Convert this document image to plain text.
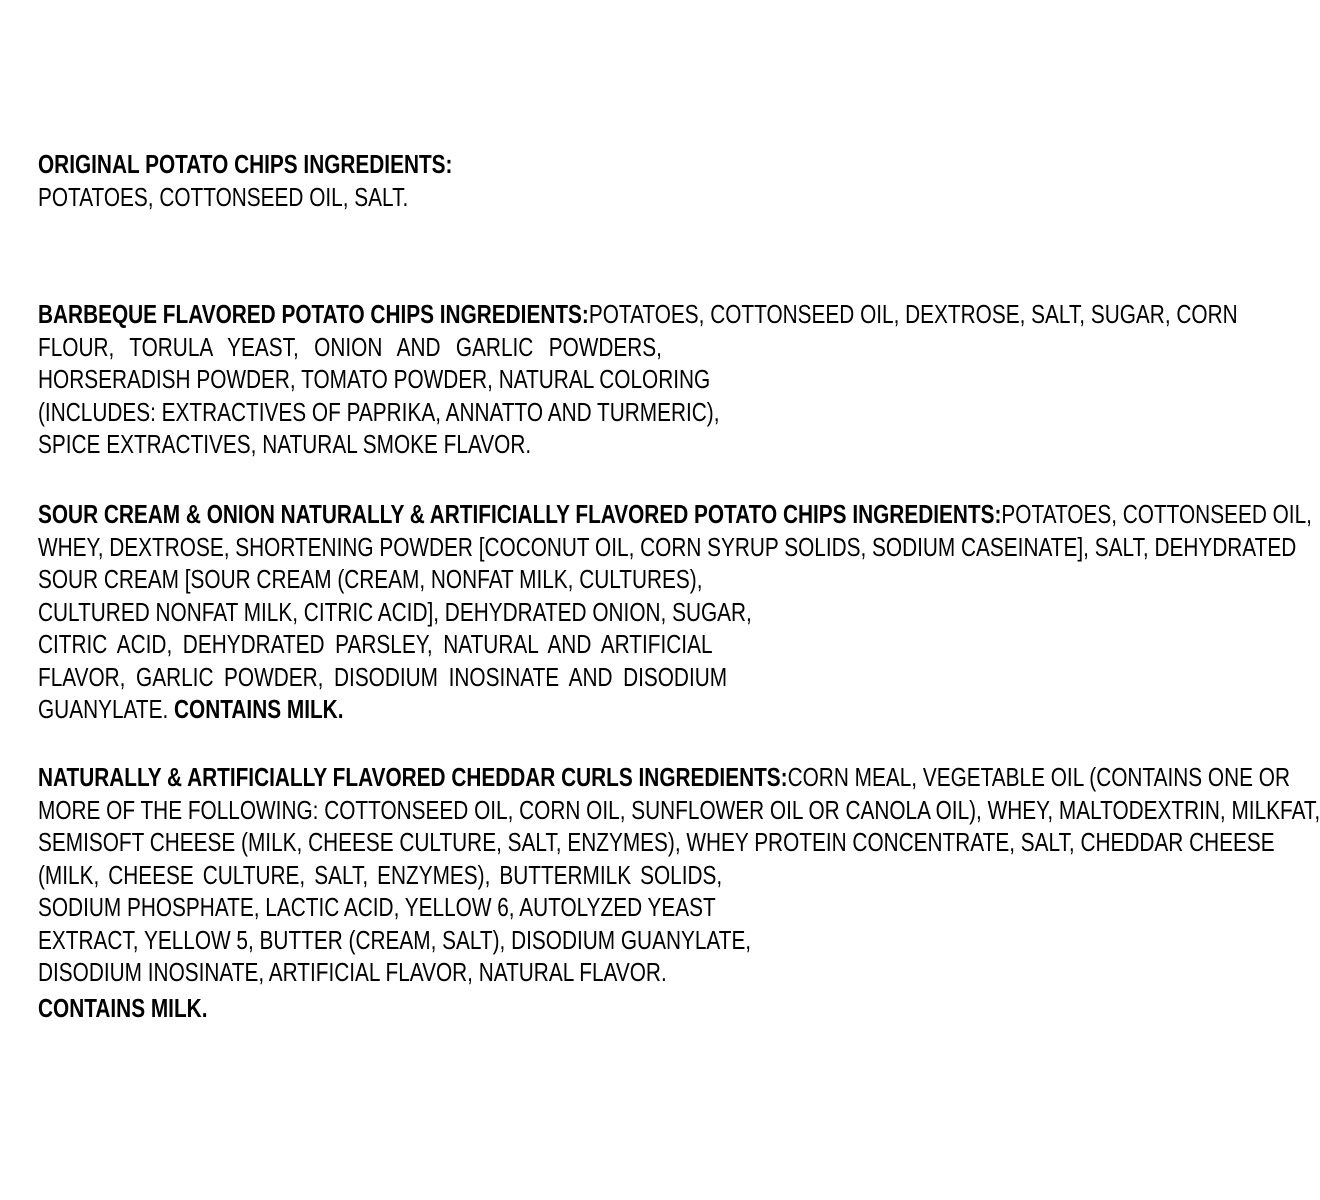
ORIGINAL POTATO CHIPS INGREDIENTS:
POTATOES, COTTONSEED OIL, SALT.
BARBEQUE FLAVORED POTATO CHIPS INGREDIENTS: POTATOES, COTTONSEED OIL, DEXTROSE, SALT, SUGAR, CORN
FLOUR, TORULA YEAST, ONION AND GARLIC POWDERS,
HORSERADISH POWDER, TOMATO POWDER, NATURAL COLORING
(INCLUDES: EXTRACTIVES OF PAPRIKA, ANNATTO AND TURMERIC),
SPICE EXTRACTIVES, NATURAL SMOKE FLAVOR.
SOUR CREAM & ONION NATURALLY & ARTIFICIALLY FLAVORED POTATO CHIPS INGREDIENTS: POTATOES, COTTONSEED OIL,
WHEY, DEXTROSE, SHORTENING POWDER [COCONUT OIL, CORN SYRUP SOLIDS, SODIUM CASEINATE], SALT, DEHYDRATED
SOUR CREAM [SOUR CREAM (CREAM, NONFAT MILK, CULTURES),
CULTURED NONFAT MILK, CITRIC ACID], DEHYDRATED ONION, SUGAR,
CITRIC ACID, DEHYDRATED PARSLEY, NATURAL AND ARTIFICIAL
FLAVOR, GARLIC POWDER, DISODIUM INOSINATE AND DISODIUM
GUANYLATE. CONTAINS MILK.
NATURALLY & ARTIFICIALLY FLAVORED CHEDDAR CURLS INGREDIENTS: CORN MEAL, VEGETABLE OIL (CONTAINS ONE OR
MORE OF THE FOLLOWING: COTTONSEED OIL, CORN OIL, SUNFLOWER OIL OR CANOLA OIL), WHEY, MALTODEXTRIN, MILKFAT,
SEMISOFT CHEESE (MILK, CHEESE CULTURE, SALT, ENZYMES), WHEY PROTEIN CONCENTRATE, SALT, CHEDDAR CHEESE
(MILK, CHEESE CULTURE, SALT, ENZYMES), BUTTERMILK SOLIDS,
SODIUM PHOSPHATE, LACTIC ACID, YELLOW 6, AUTOLYZED YEAST
EXTRACT, YELLOW 5, BUTTER (CREAM, SALT), DISODIUM GUANYLATE,
DISODIUM INOSINATE, ARTIFICIAL FLAVOR, NATURAL FLAVOR.
CONTAINS MILK.
